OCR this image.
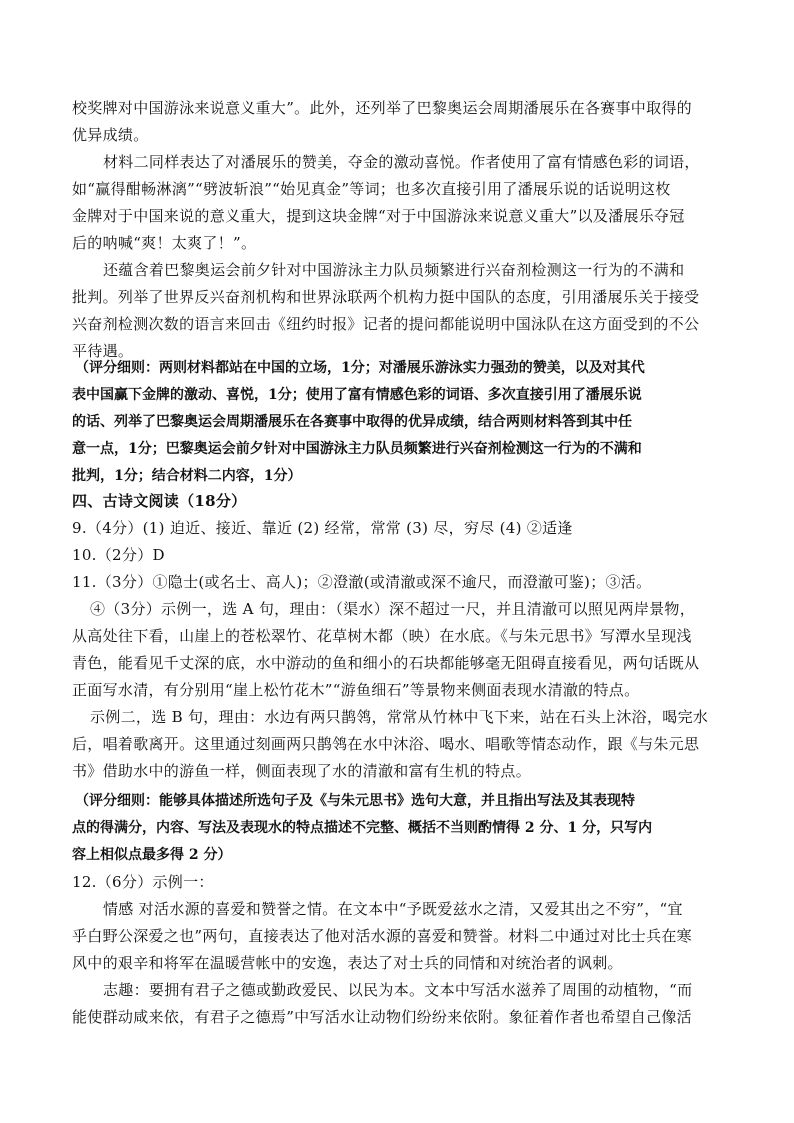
校奖牌对中国游泳来说意义重大”。此外，还列举了巴黎奥运会周期潘展乐在各赛事中取得的
优异成绩。
材料二同样表达了对潘展乐的赞美，夺金的激动喜悦。作者使用了富有情感色彩的词语，
如“赢得酣畅淋漓”“劈波斩浪”“始见真金”等词；也多次直接引用了潘展乐说的话说明这枚
金牌对于中国来说的意义重大，提到这块金牌“对于中国游泳来说意义重大”以及潘展乐夺冠
后的呐喊“爽！太爽了！”。
还蕴含着巴黎奥运会前夕针对中国游泳主力队员频繁进行兴奋剂检测这一行为的不满和
批判。列举了世界反兴奋剂机构和世界泳联两个机构力挺中国队的态度，引用潘展乐关于接受
兴奋剂检测次数的语言来回击《纽约时报》记者的提问都能说明中国泳队在这方面受到的不公
平待遇。
（评分细则：两则材料都站在中国的立场，1分；对潘展乐游泳实力强劲的赞美，以及对其代
表中国赢下金牌的激动、喜悦，1分；使用了富有情感色彩的词语、多次直接引用了潘展乐说
的话、列举了巴黎奥运会周期潘展乐在各赛事中取得的优异成绩，结合两则材料答到其中任
意一点，1分；巴黎奥运会前夕针对中国游泳主力队员频繁进行兴奋剂检测这一行为的不满和
批判，1分；结合材料二内容，1分）
四、古诗文阅读（18分）
9.（4分）(1) 迫近、接近、靠近 (2) 经常，常常 (3) 尽，穷尽 (4) ②适逢
10.（2分）D
11.（3分）①隐士(或名士、高人)；②澄澈(或清澈或深不逾尺，而澄澈可鉴)；③活。
④（3分）示例一，选 A 句，理由：（渠水）深不超过一尺，并且清澈可以照见两岸景物，
从高处往下看，山崖上的苍松翠竹、花草树木都（映）在水底。《与朱元思书》写潭水呈现浅
青色，能看见千丈深的底，水中游动的鱼和细小的石块都能够毫无阻碍直接看见，两句话既从
正面写水清，有分别用“崖上松竹花木”“游鱼细石”等景物来侧面表现水清澈的特点。
示例二，选 B 句，理由：水边有两只鹊鸰，常常从竹林中飞下来，站在石头上沐浴，喝完水
后，唱着歌离开。这里通过刻画两只鹊鸰在水中沐浴、喝水、唱歌等情态动作，跟《与朱元思
书》借助水中的游鱼一样，侧面表现了水的清澈和富有生机的特点。
（评分细则：能够具体描述所选句子及《与朱元思书》选句大意，并且指出写法及其表现特
点的得满分，内容、写法及表现水的特点描述不完整、概括不当则酌情得 2 分、1 分，只写内
容上相似点最多得 2 分）
12.（6分）示例一：
情感 对活水源的喜爱和赞誉之情。在文本中“予既爱兹水之清，又爱其出之不穷”，“宜
乎白野公深爱之也”两句，直接表达了他对活水源的喜爱和赞誉。材料二中通过对比士兵在寒
风中的艰辛和将军在温暖营帐中的安逸，表达了对士兵的同情和对统治者的讽刺。
志趣：要拥有君子之德或勤政爱民、以民为本。文本中写活水滋养了周围的动植物，“而
能使群动咸来依，有君子之德焉”中写活水让动物们纷纷来依附。象征着作者也希望自己像活
